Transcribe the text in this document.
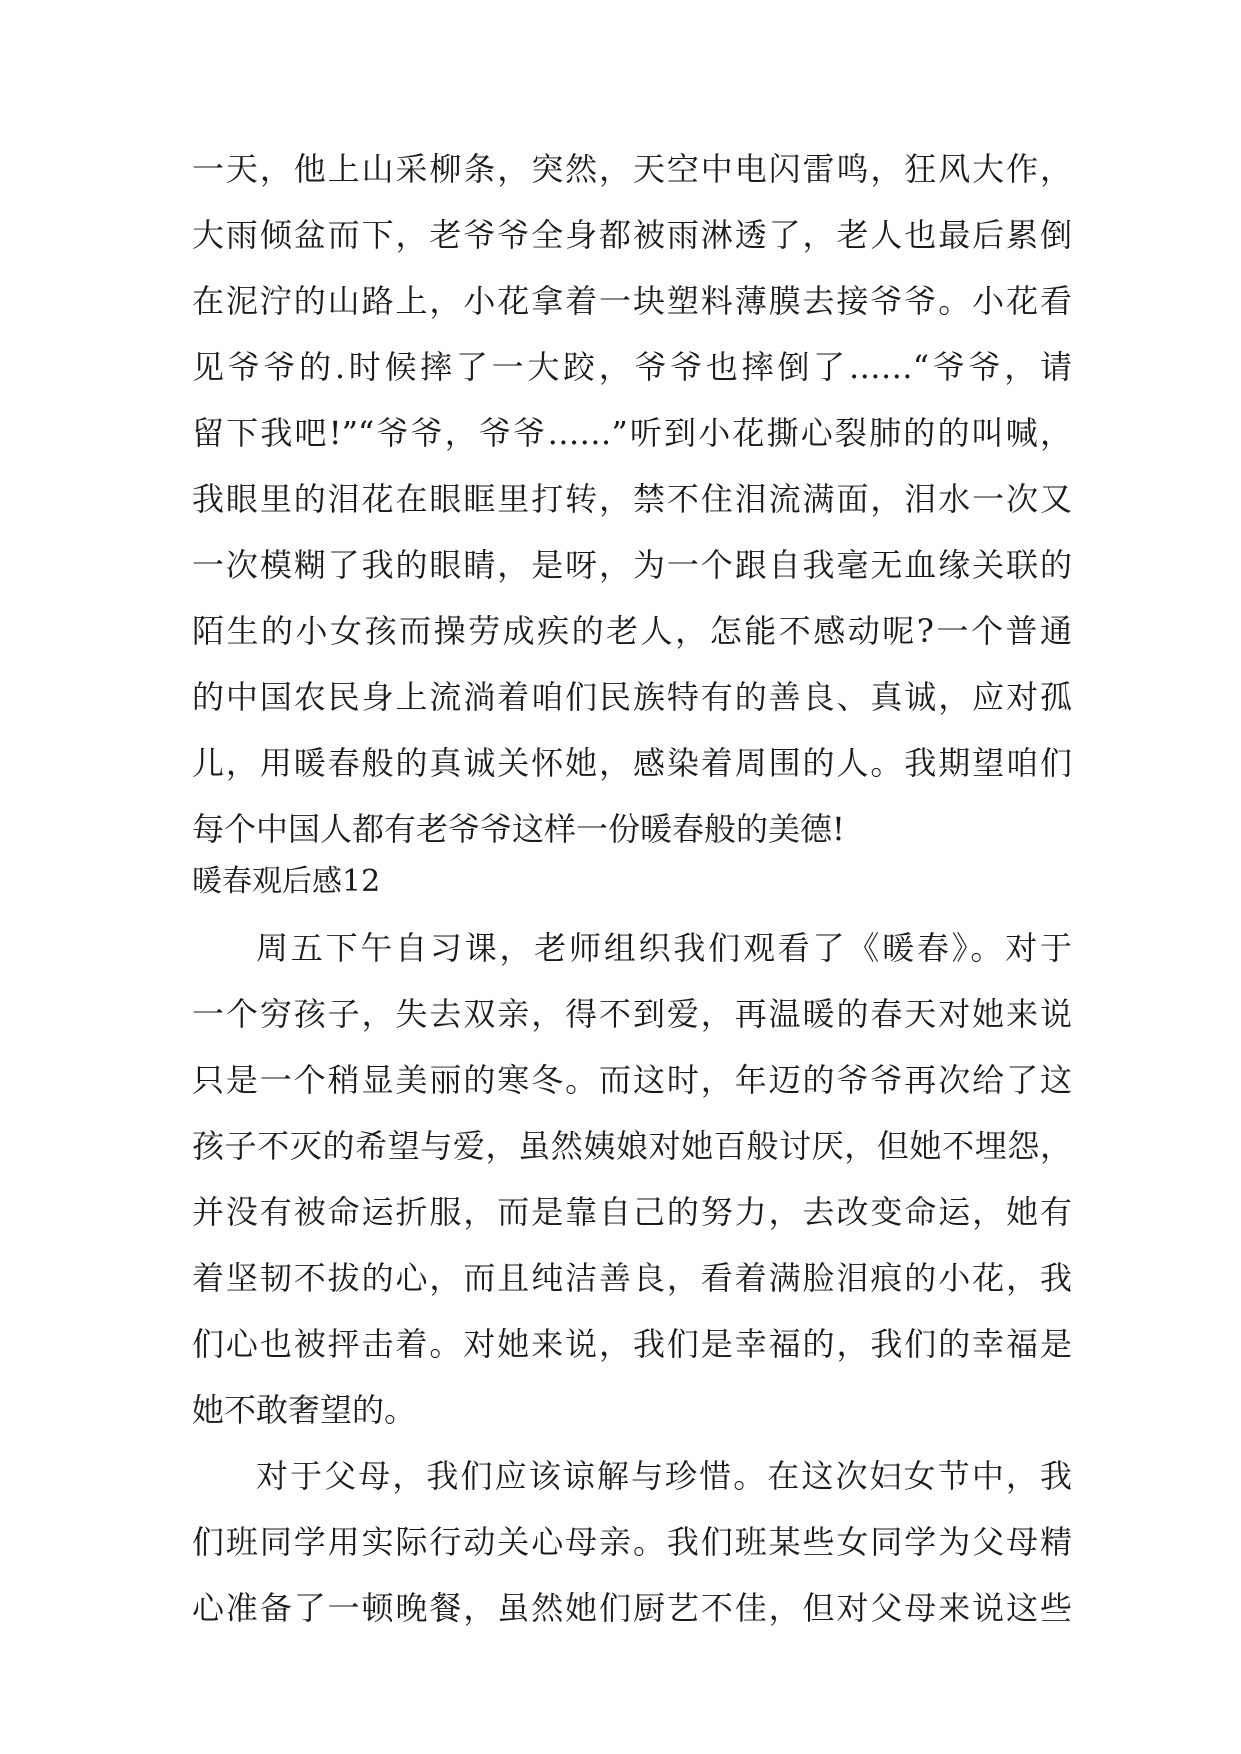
一天，他上山采柳条，突然，天空中电闪雷鸣，狂风大作，
大雨倾盆而下，老爷爷全身都被雨淋透了，老人也最后累倒
在泥泞的山路上，小花拿着一块塑料薄膜去接爷爷。小花看
见爷爷的.时候摔了一大跤，爷爷也摔倒了……“爷爷，请
留下我吧!”“爷爷，爷爷……”听到小花撕心裂肺的的叫喊，
我眼里的泪花在眼眶里打转，禁不住泪流满面，泪水一次又
一次模糊了我的眼睛，是呀，为一个跟自我毫无血缘关联的
陌生的小女孩而操劳成疾的老人，怎能不感动呢?一个普通
的中国农民身上流淌着咱们民族特有的善良、真诚，应对孤
儿，用暖春般的真诚关怀她，感染着周围的人。我期望咱们
每个中国人都有老爷爷这样一份暖春般的美德!
暖春观后感12
周五下午自习课，老师组织我们观看了《暖春》。对于
一个穷孩子，失去双亲，得不到爱，再温暖的春天对她来说
只是一个稍显美丽的寒冬。而这时，年迈的爷爷再次给了这
孩子不灭的希望与爱，虽然姨娘对她百般讨厌，但她不埋怨，
并没有被命运折服，而是靠自己的努力，去改变命运，她有
着坚韧不拔的心，而且纯洁善良，看着满脸泪痕的小花，我
们心也被抨击着。对她来说，我们是幸福的，我们的幸福是
她不敢奢望的。
对于父母，我们应该谅解与珍惜。在这次妇女节中，我
们班同学用实际行动关心母亲。我们班某些女同学为父母精
心准备了一顿晚餐，虽然她们厨艺不佳，但对父母来说这些
